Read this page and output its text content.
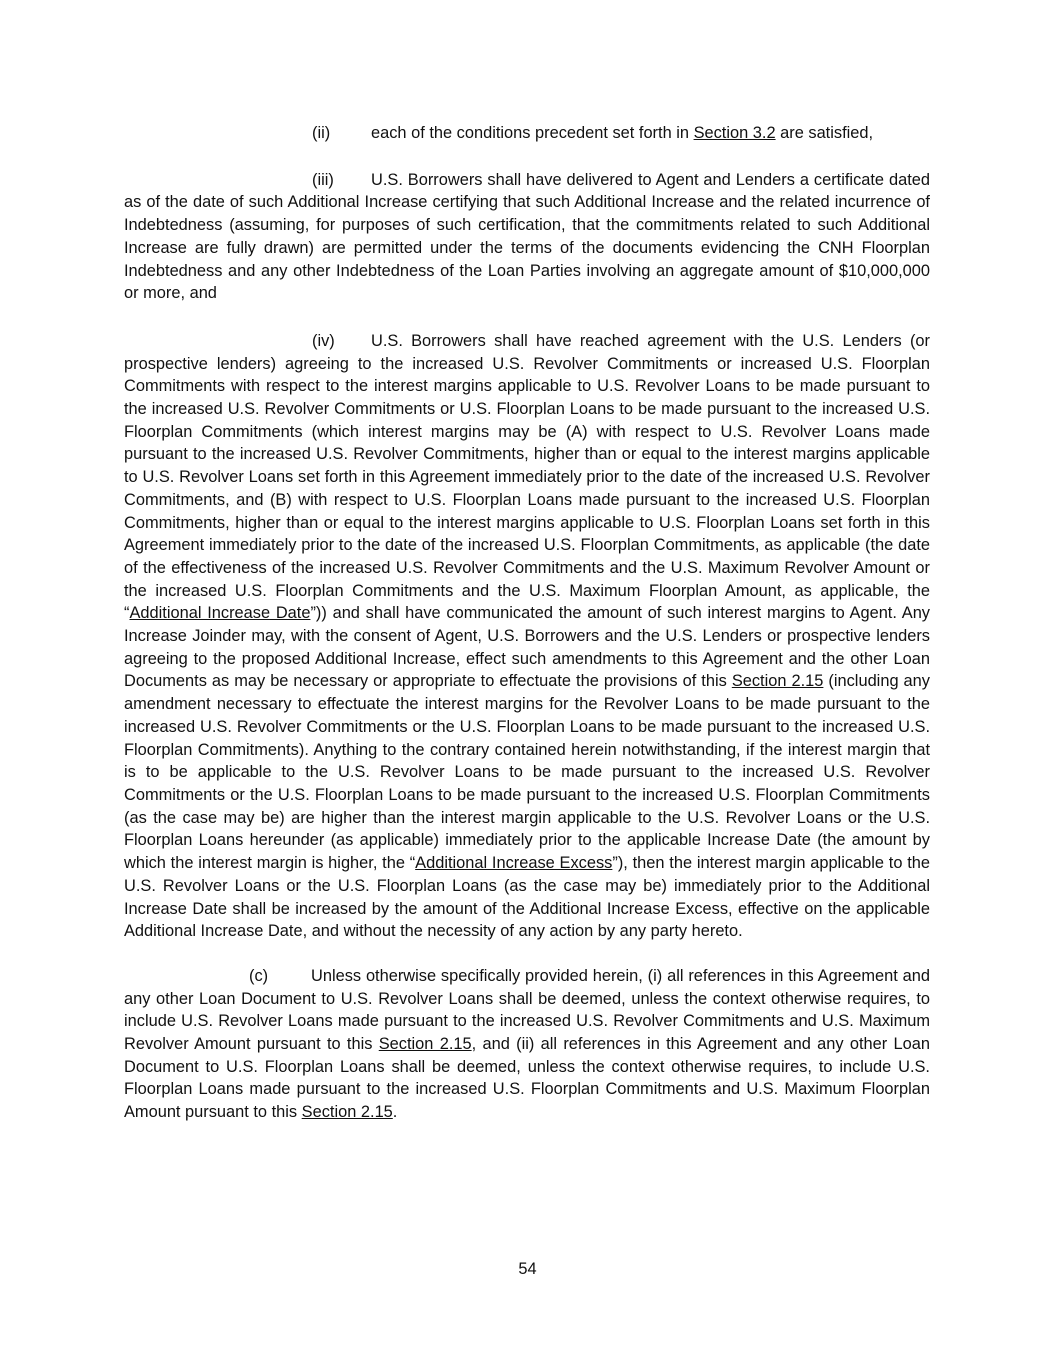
(ii) each of the conditions precedent set forth in Section 3.2 are satisfied,

(iii) U.S. Borrowers shall have delivered to Agent and Lenders a certificate dated as of the date of such Additional Increase certifying that such Additional Increase and the related incurrence of Indebtedness (assuming, for purposes of such certification, that the commitments related to such Additional Increase are fully drawn) are permitted under the terms of the documents evidencing the CNH Floorplan Indebtedness and any other Indebtedness of the Loan Parties involving an aggregate amount of $10,000,000 or more, and

(iv) U.S. Borrowers shall have reached agreement with the U.S. Lenders (or prospective lenders) agreeing to the increased U.S. Revolver Commitments or increased U.S. Floorplan Commitments with respect to the interest margins applicable to U.S. Revolver Loans to be made pursuant to the increased U.S. Revolver Commitments or U.S. Floorplan Loans to be made pursuant to the increased U.S. Floorplan Commitments (which interest margins may be (A) with respect to U.S. Revolver Loans made pursuant to the increased U.S. Revolver Commitments, higher than or equal to the interest margins applicable to U.S. Revolver Loans set forth in this Agreement immediately prior to the date of the increased U.S. Revolver Commitments, and (B) with respect to U.S. Floorplan Loans made pursuant to the increased U.S. Floorplan Commitments, higher than or equal to the interest margins applicable to U.S. Floorplan Loans set forth in this Agreement immediately prior to the date of the increased U.S. Floorplan Commitments, as applicable (the date of the effectiveness of the increased U.S. Revolver Commitments and the U.S. Maximum Revolver Amount or the increased U.S. Floorplan Commitments and the U.S. Maximum Floorplan Amount, as applicable, the “Additional Increase Date”)) and shall have communicated the amount of such interest margins to Agent. Any Increase Joinder may, with the consent of Agent, U.S. Borrowers and the U.S. Lenders or prospective lenders agreeing to the proposed Additional Increase, effect such amendments to this Agreement and the other Loan Documents as may be necessary or appropriate to effectuate the provisions of this Section 2.15 (including any amendment necessary to effectuate the interest margins for the Revolver Loans to be made pursuant to the increased U.S. Revolver Commitments or the U.S. Floorplan Loans to be made pursuant to the increased U.S. Floorplan Commitments). Anything to the contrary contained herein notwithstanding, if the interest margin that is to be applicable to the U.S. Revolver Loans to be made pursuant to the increased U.S. Revolver Commitments or the U.S. Floorplan Loans to be made pursuant to the increased U.S. Floorplan Commitments (as the case may be) are higher than the interest margin applicable to the U.S. Revolver Loans or the U.S. Floorplan Loans hereunder (as applicable) immediately prior to the applicable Increase Date (the amount by which the interest margin is higher, the “Additional Increase Excess”), then the interest margin applicable to the U.S. Revolver Loans or the U.S. Floorplan Loans (as the case may be) immediately prior to the Additional Increase Date shall be increased by the amount of the Additional Increase Excess, effective on the applicable Additional Increase Date, and without the necessity of any action by any party hereto.

(c)	Unless otherwise specifically provided herein, (i) all references in this Agreement and any other Loan Document to U.S. Revolver Loans shall be deemed, unless the context otherwise requires, to include U.S. Revolver Loans made pursuant to the increased U.S. Revolver Commitments and U.S. Maximum Revolver Amount pursuant to this Section 2.15, and (ii) all references in this Agreement and any other Loan Document to U.S. Floorplan Loans shall be deemed, unless the context otherwise requires, to include U.S. Floorplan Loans made pursuant to the increased U.S. Floorplan Commitments and U.S. Maximum Floorplan Amount pursuant to this Section 2.15.

54
